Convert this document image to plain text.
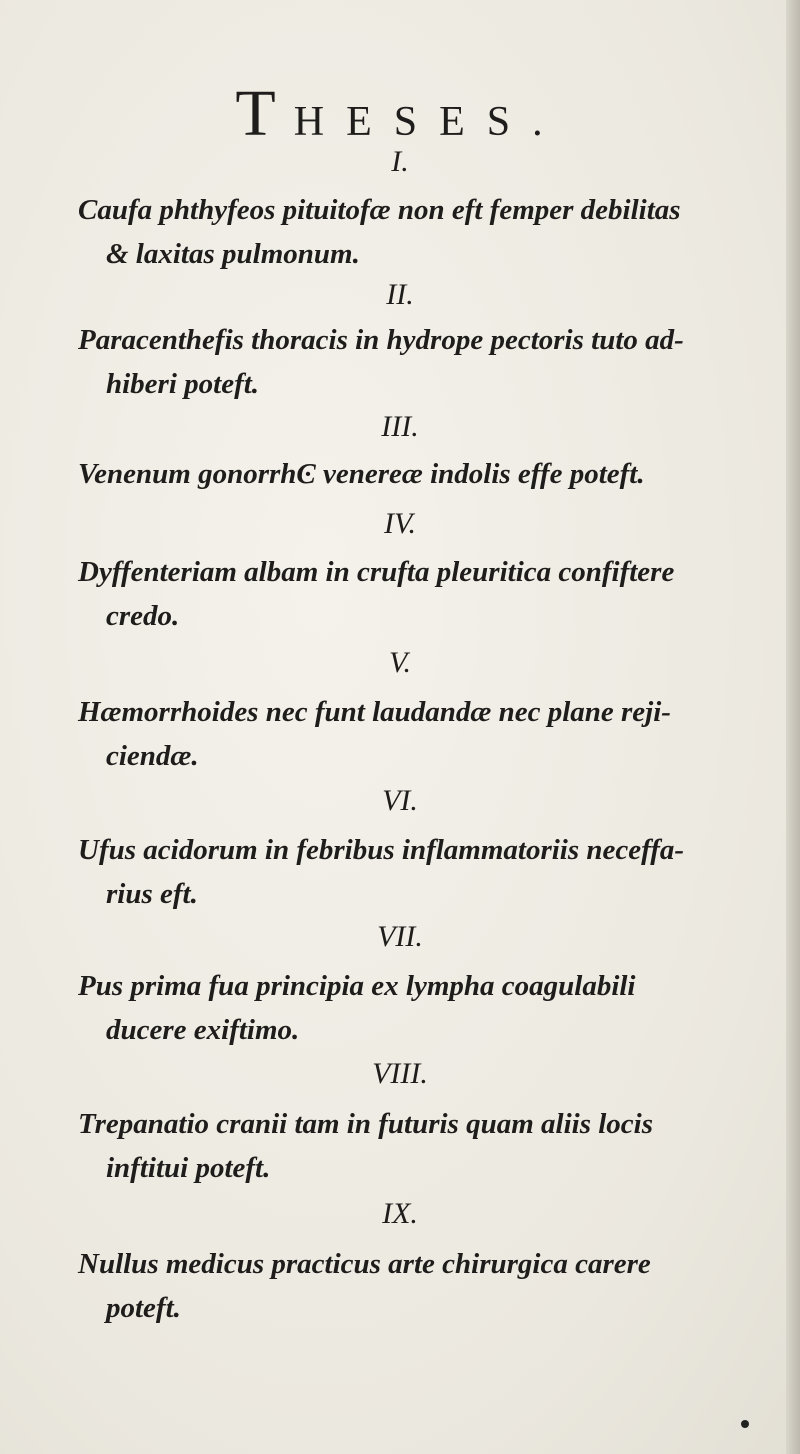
THESES.
I.
Caufa phthyfeos pituitofæ non eft femper debilitas
& laxitas pulmonum.
II.
Paracenthefis thoracis in hydrope pectoris tuto ad-
hiberi poteft.
III.
Venenum gonorrhϾ venereæ indolis effe poteft.
IV.
Dyffenteriam albam in crufta pleuritica confiftere
credo.
V.
Hæmorrhoides nec funt laudandæ nec plane reji-
ciendæ.
VI.
Ufus acidorum in febribus inflammatoriis neceffa-
rius eft.
VII.
Pus prima fua principia ex lympha coagulabili
ducere exiftimo.
VIII.
Trepanatio cranii tam in futuris quam aliis locis
inftitui poteft.
IX.
Nullus medicus practicus arte chirurgica carere
poteft.
